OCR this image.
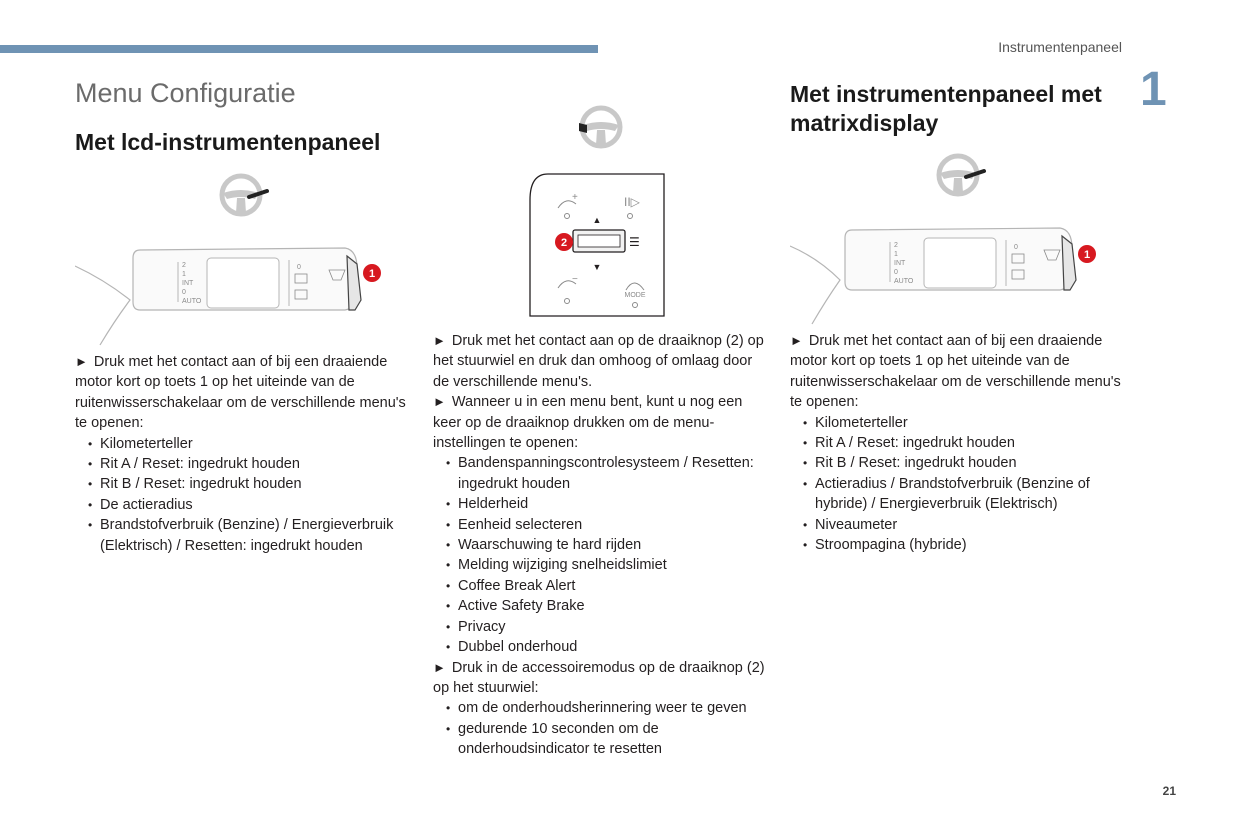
Instrumentenpaneel
1
Menu Configuratie
Met lcd-instrumentenpaneel
2
1
INT
0
AUTO
0
1

► Druk met het contact aan of bij een draaiende motor kort op toets 1 op het uiteinde van de ruitenwisserschakelaar om de verschillende menu's te openen:

• Kilometerteller
• Rit A / Reset: ingedrukt houden
• Rit B / Reset: ingedrukt houden
• De actieradius
• Brandstofverbruik (Benzine) / Energieverbruik (Elektrisch) / Resetten: ingedrukt houden
+	II▷
▲
☰
2
▼
−
MODE

► Druk met het contact aan op de draaiknop (2) op het stuurwiel en druk dan omhoog of omlaag door de verschillende menu's.

► Wanneer u in een menu bent, kunt u nog een keer op de draaiknop drukken om de menu-instellingen te openen:

• Bandenspanningscontrolesysteem / Resetten: ingedrukt houden
• Helderheid
• Eenheid selecteren
• Waarschuwing te hard rijden
• Melding wijziging snelheidslimiet
• Coffee Break Alert
• Active Safety Brake
• Privacy
• Dubbel onderhoud

► Druk in de accessoiremodus op de draaiknop (2) op het stuurwiel:

• om de onderhoudsherinnering weer te geven
• gedurende 10 seconden om de onderhoudsindicator te resetten
Met instrumentenpaneel met matrixdisplay
2
1
INT
0
AUTO
0
1

► Druk met het contact aan of bij een draaiende motor kort op toets 1 op het uiteinde van de ruitenwisserschakelaar om de verschillende menu's te openen:

• Kilometerteller
• Rit A / Reset: ingedrukt houden
• Rit B / Reset: ingedrukt houden
• Actieradius / Brandstofverbruik (Benzine of hybride) / Energieverbruik (Elektrisch)
• Niveaumeter
• Stroompagina (hybride)
21
